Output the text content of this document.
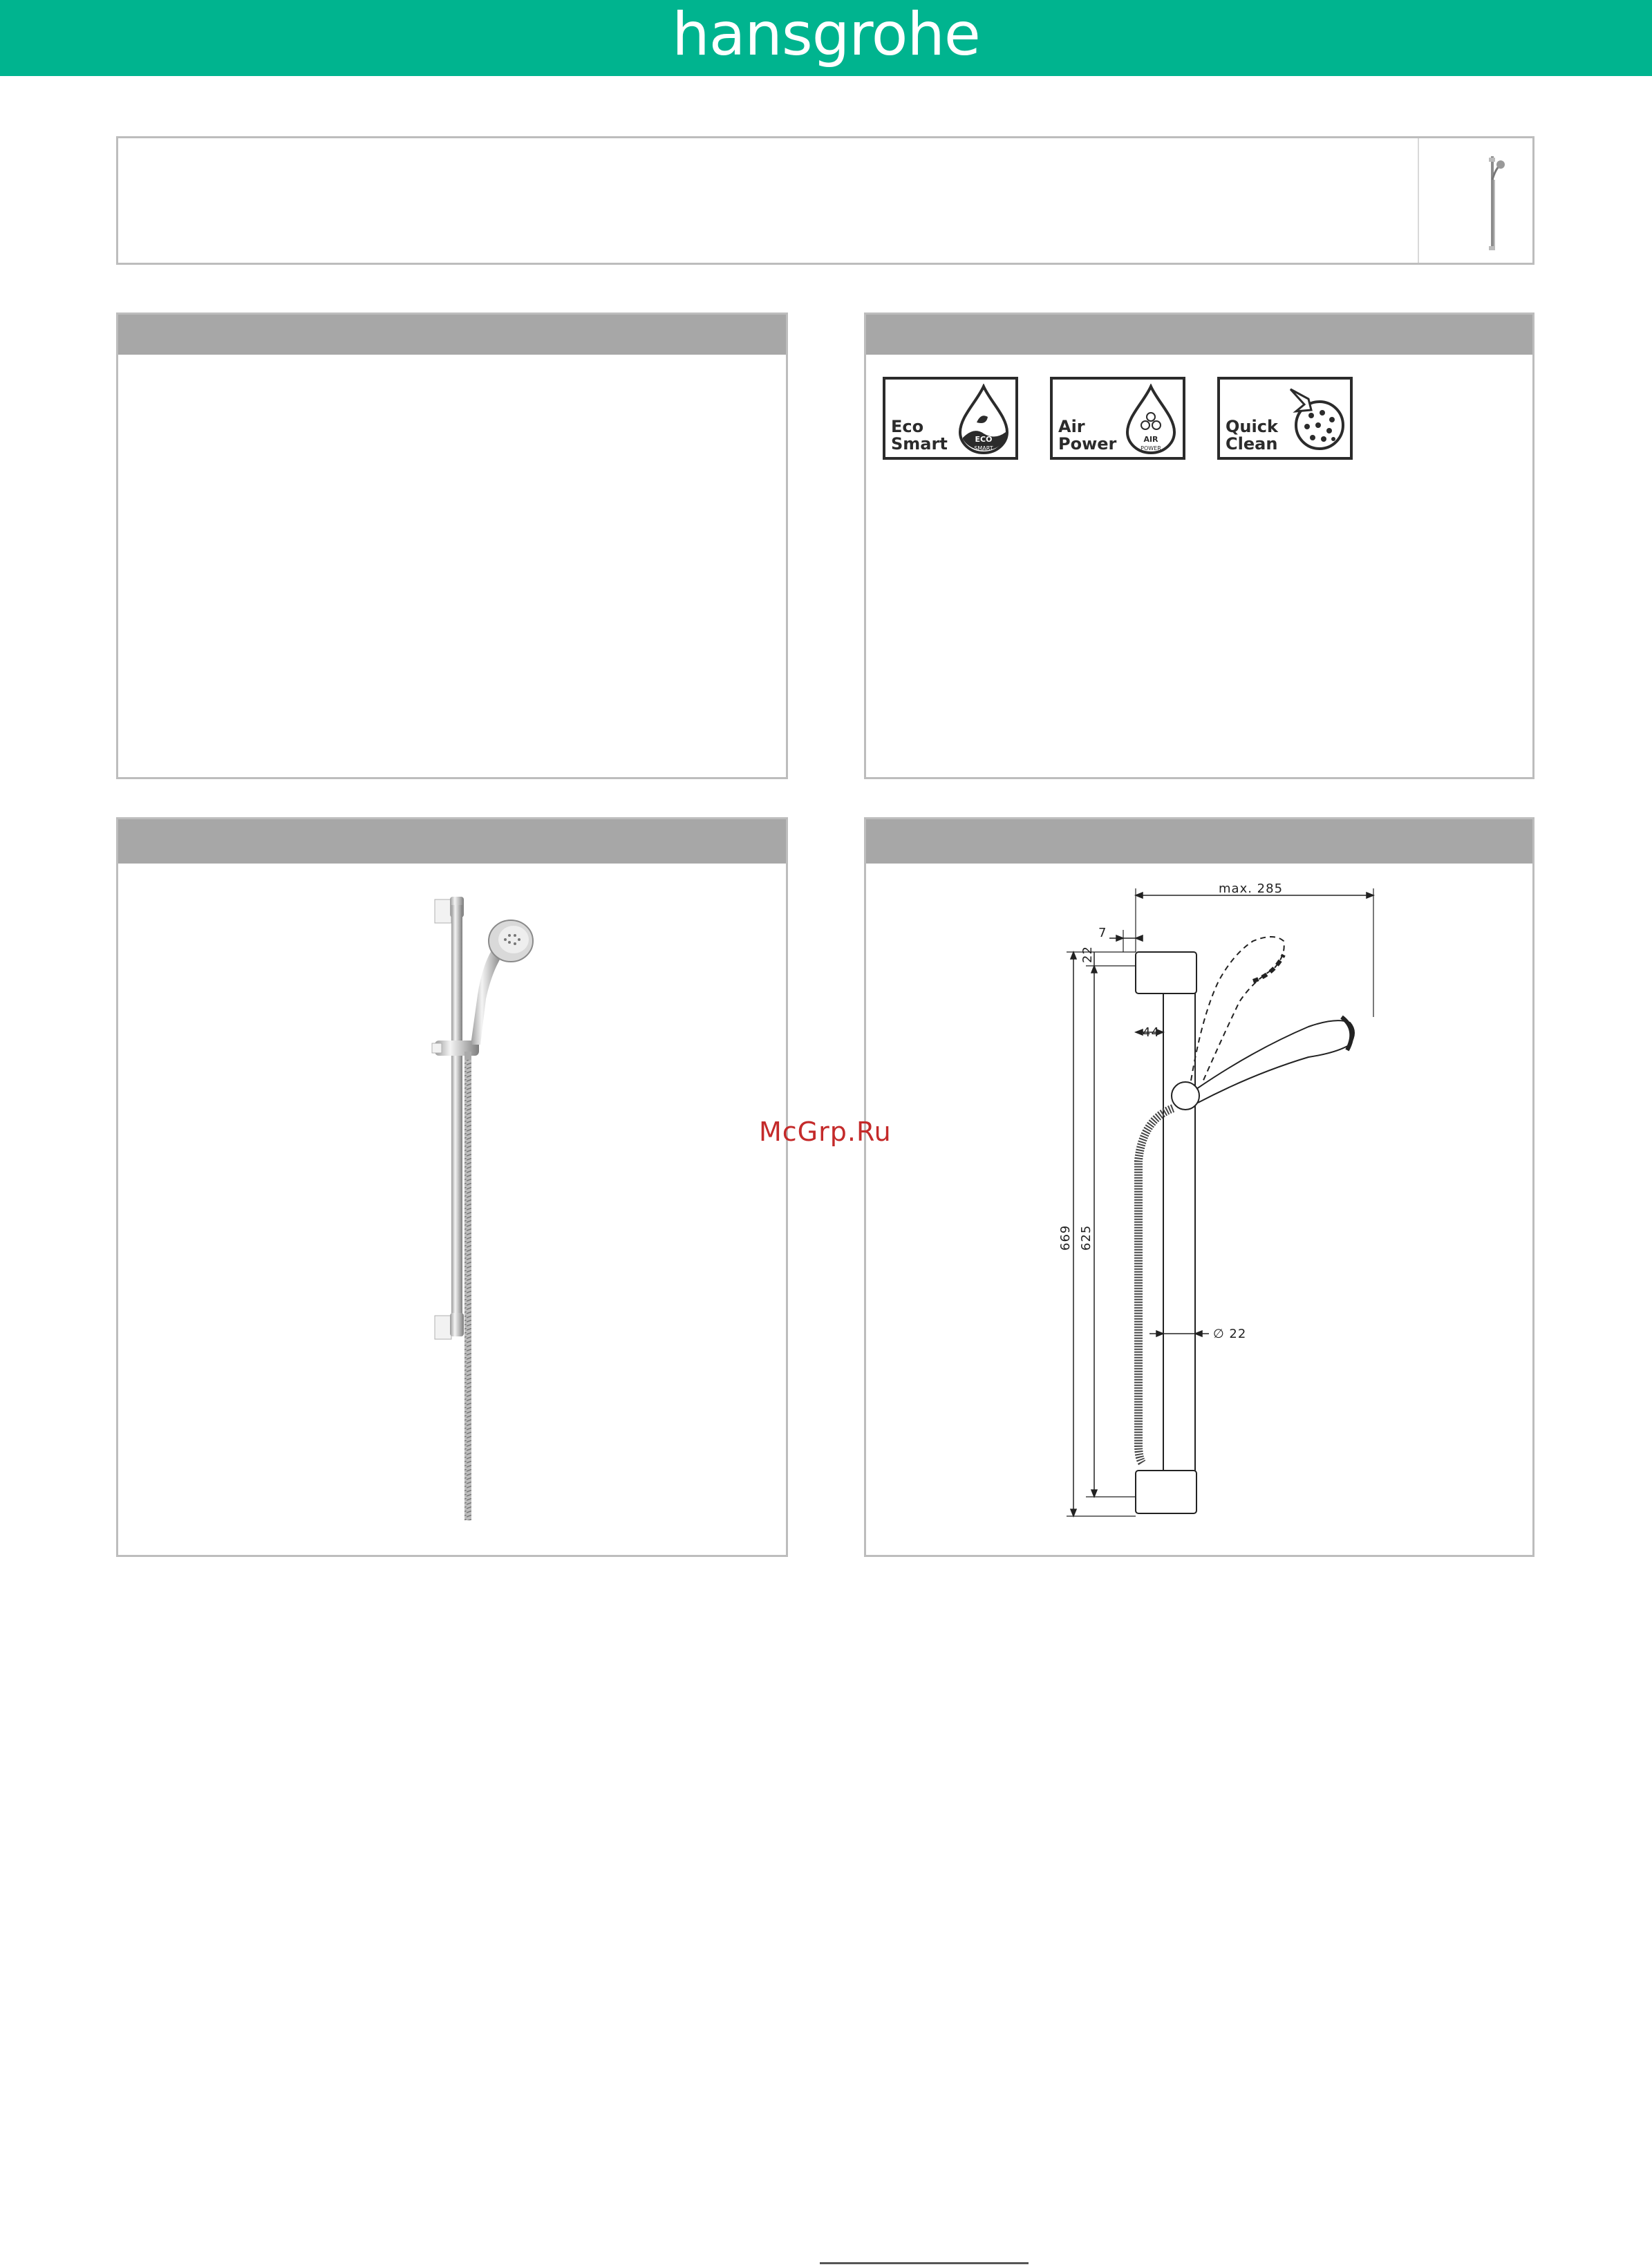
hansgrohe
Eco
Smart	ECO
SMART
Air
Power	AIR
POWER
Quick
Clean
max. 285
7
44
22
669 625
∅ 22
McGrp.Ru
